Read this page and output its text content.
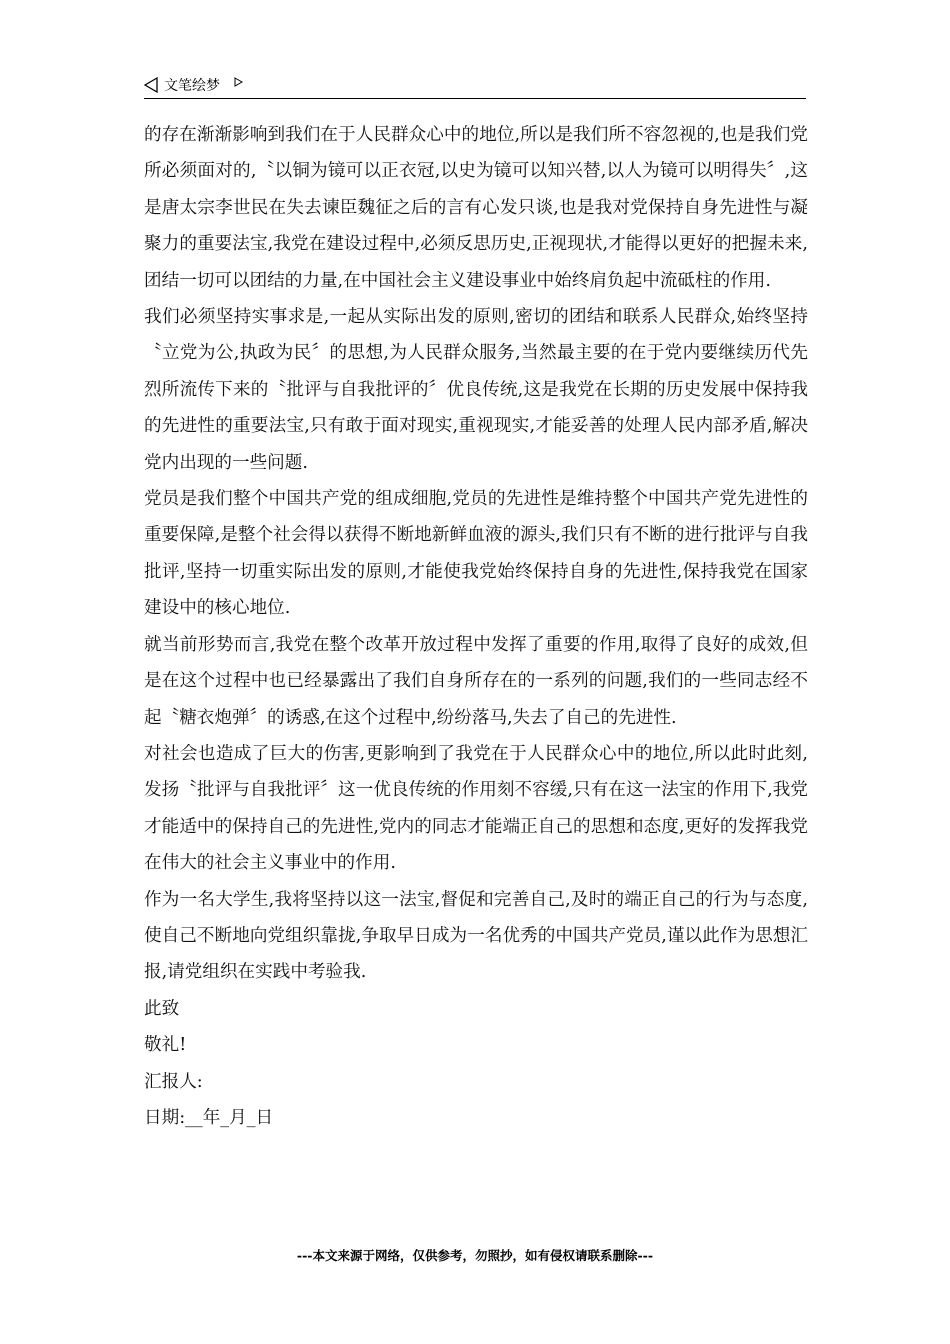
文笔绘梦

的存在渐渐影响到我们在于人民群众心中的地位,所以是我们所不容忽视的,也是我们党所必须面对的,〝以铜为镜可以正衣冠,以史为镜可以知兴替,以人为镜可以明得失〞,这是唐太宗李世民在失去谏臣魏征之后的言有心发只谈,也是我对党保持自身先进性与凝聚力的重要法宝,我党在建设过程中,必须反思历史,正视现状,才能得以更好的把握未来,团结一切可以团结的力量,在中国社会主义建设事业中始终肩负起中流砥柱的作用.

我们必须坚持实事求是,一起从实际出发的原则,密切的团结和联系人民群众,始终坚持〝立党为公,执政为民〞的思想,为人民群众服务,当然最主要的在于党内要继续历代先烈所流传下来的〝批评与自我批评的〞优良传统,这是我党在长期的历史发展中保持我的先进性的重要法宝,只有敢于面对现实,重视现实,才能妥善的处理人民内部矛盾,解决党内出现的一些问题.

党员是我们整个中国共产党的组成细胞,党员的先进性是维持整个中国共产党先进性的重要保障,是整个社会得以获得不断地新鲜血液的源头,我们只有不断的进行批评与自我批评,坚持一切重实际出发的原则,才能使我党始终保持自身的先进性,保持我党在国家建设中的核心地位.

就当前形势而言,我党在整个改革开放过程中发挥了重要的作用,取得了良好的成效,但是在这个过程中也已经暴露出了我们自身所存在的一系列的问题,我们的一些同志经不起〝糖衣炮弹〞的诱惑,在这个过程中,纷纷落马,失去了自己的先进性.

对社会也造成了巨大的伤害,更影响到了我党在于人民群众心中的地位,所以此时此刻,发扬〝批评与自我批评〞这一优良传统的作用刻不容缓,只有在这一法宝的作用下,我党才能适中的保持自己的先进性,党内的同志才能端正自己的思想和态度,更好的发挥我党在伟大的社会主义事业中的作用.

作为一名大学生,我将坚持以这一法宝,督促和完善自己,及时的端正自己的行为与态度,使自己不断地向党组织靠拢,争取早日成为一名优秀的中国共产党员,谨以此作为思想汇报,请党组织在实践中考验我.

此致

敬礼!

汇报人:

日期:__年_月_日

---本文来源于网络，仅供参考，勿照抄，如有侵权请联系删除---
